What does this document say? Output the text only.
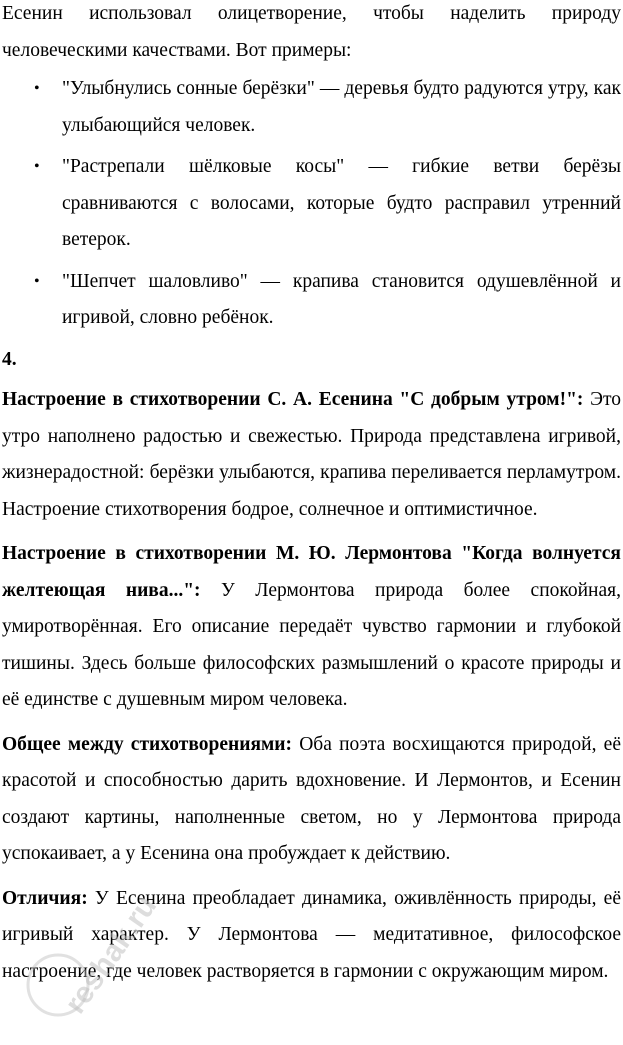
Есенин использовал олицетворение, чтобы наделить природу человеческими качествами. Вот примеры:

• "Улыбнулись сонные берёзки" — деревья будто радуются утру, как улыбающийся человек.
• "Растрепали шёлковые косы" — гибкие ветви берёзы сравниваются с волосами, которые будто расправил утренний ветерок.
• "Шепчет шаловливо" — крапива становится одушевлённой и игривой, словно ребёнок.

4.

Настроение в стихотворении С. А. Есенина "С добрым утром!": Это утро наполнено радостью и свежестью. Природа представлена игривой, жизнерадостной: берёзки улыбаются, крапива переливается перламутром. Настроение стихотворения бодрое, солнечное и оптимистичное.

Настроение в стихотворении М. Ю. Лермонтова "Когда волнуется желтеющая нива...": У Лермонтова природа более спокойная, умиротворённая. Его описание передаёт чувство гармонии и глубокой тишины. Здесь больше философских размышлений о красоте природы и её единстве с душевным миром человека.

Общее между стихотворениями: Оба поэта восхищаются природой, её красотой и способностью дарить вдохновение. И Лермонтов, и Есенин создают картины, наполненные светом, но у Лермонтова природа успокаивает, а у Есенина она пробуждает к действию.

Отличия: У Есенина преобладает динамика, оживлённость природы, её игривый характер. У Лермонтова — медитативное, философское настроение, где человек растворяется в гармонии с окружающим миром.

reshak.ru
